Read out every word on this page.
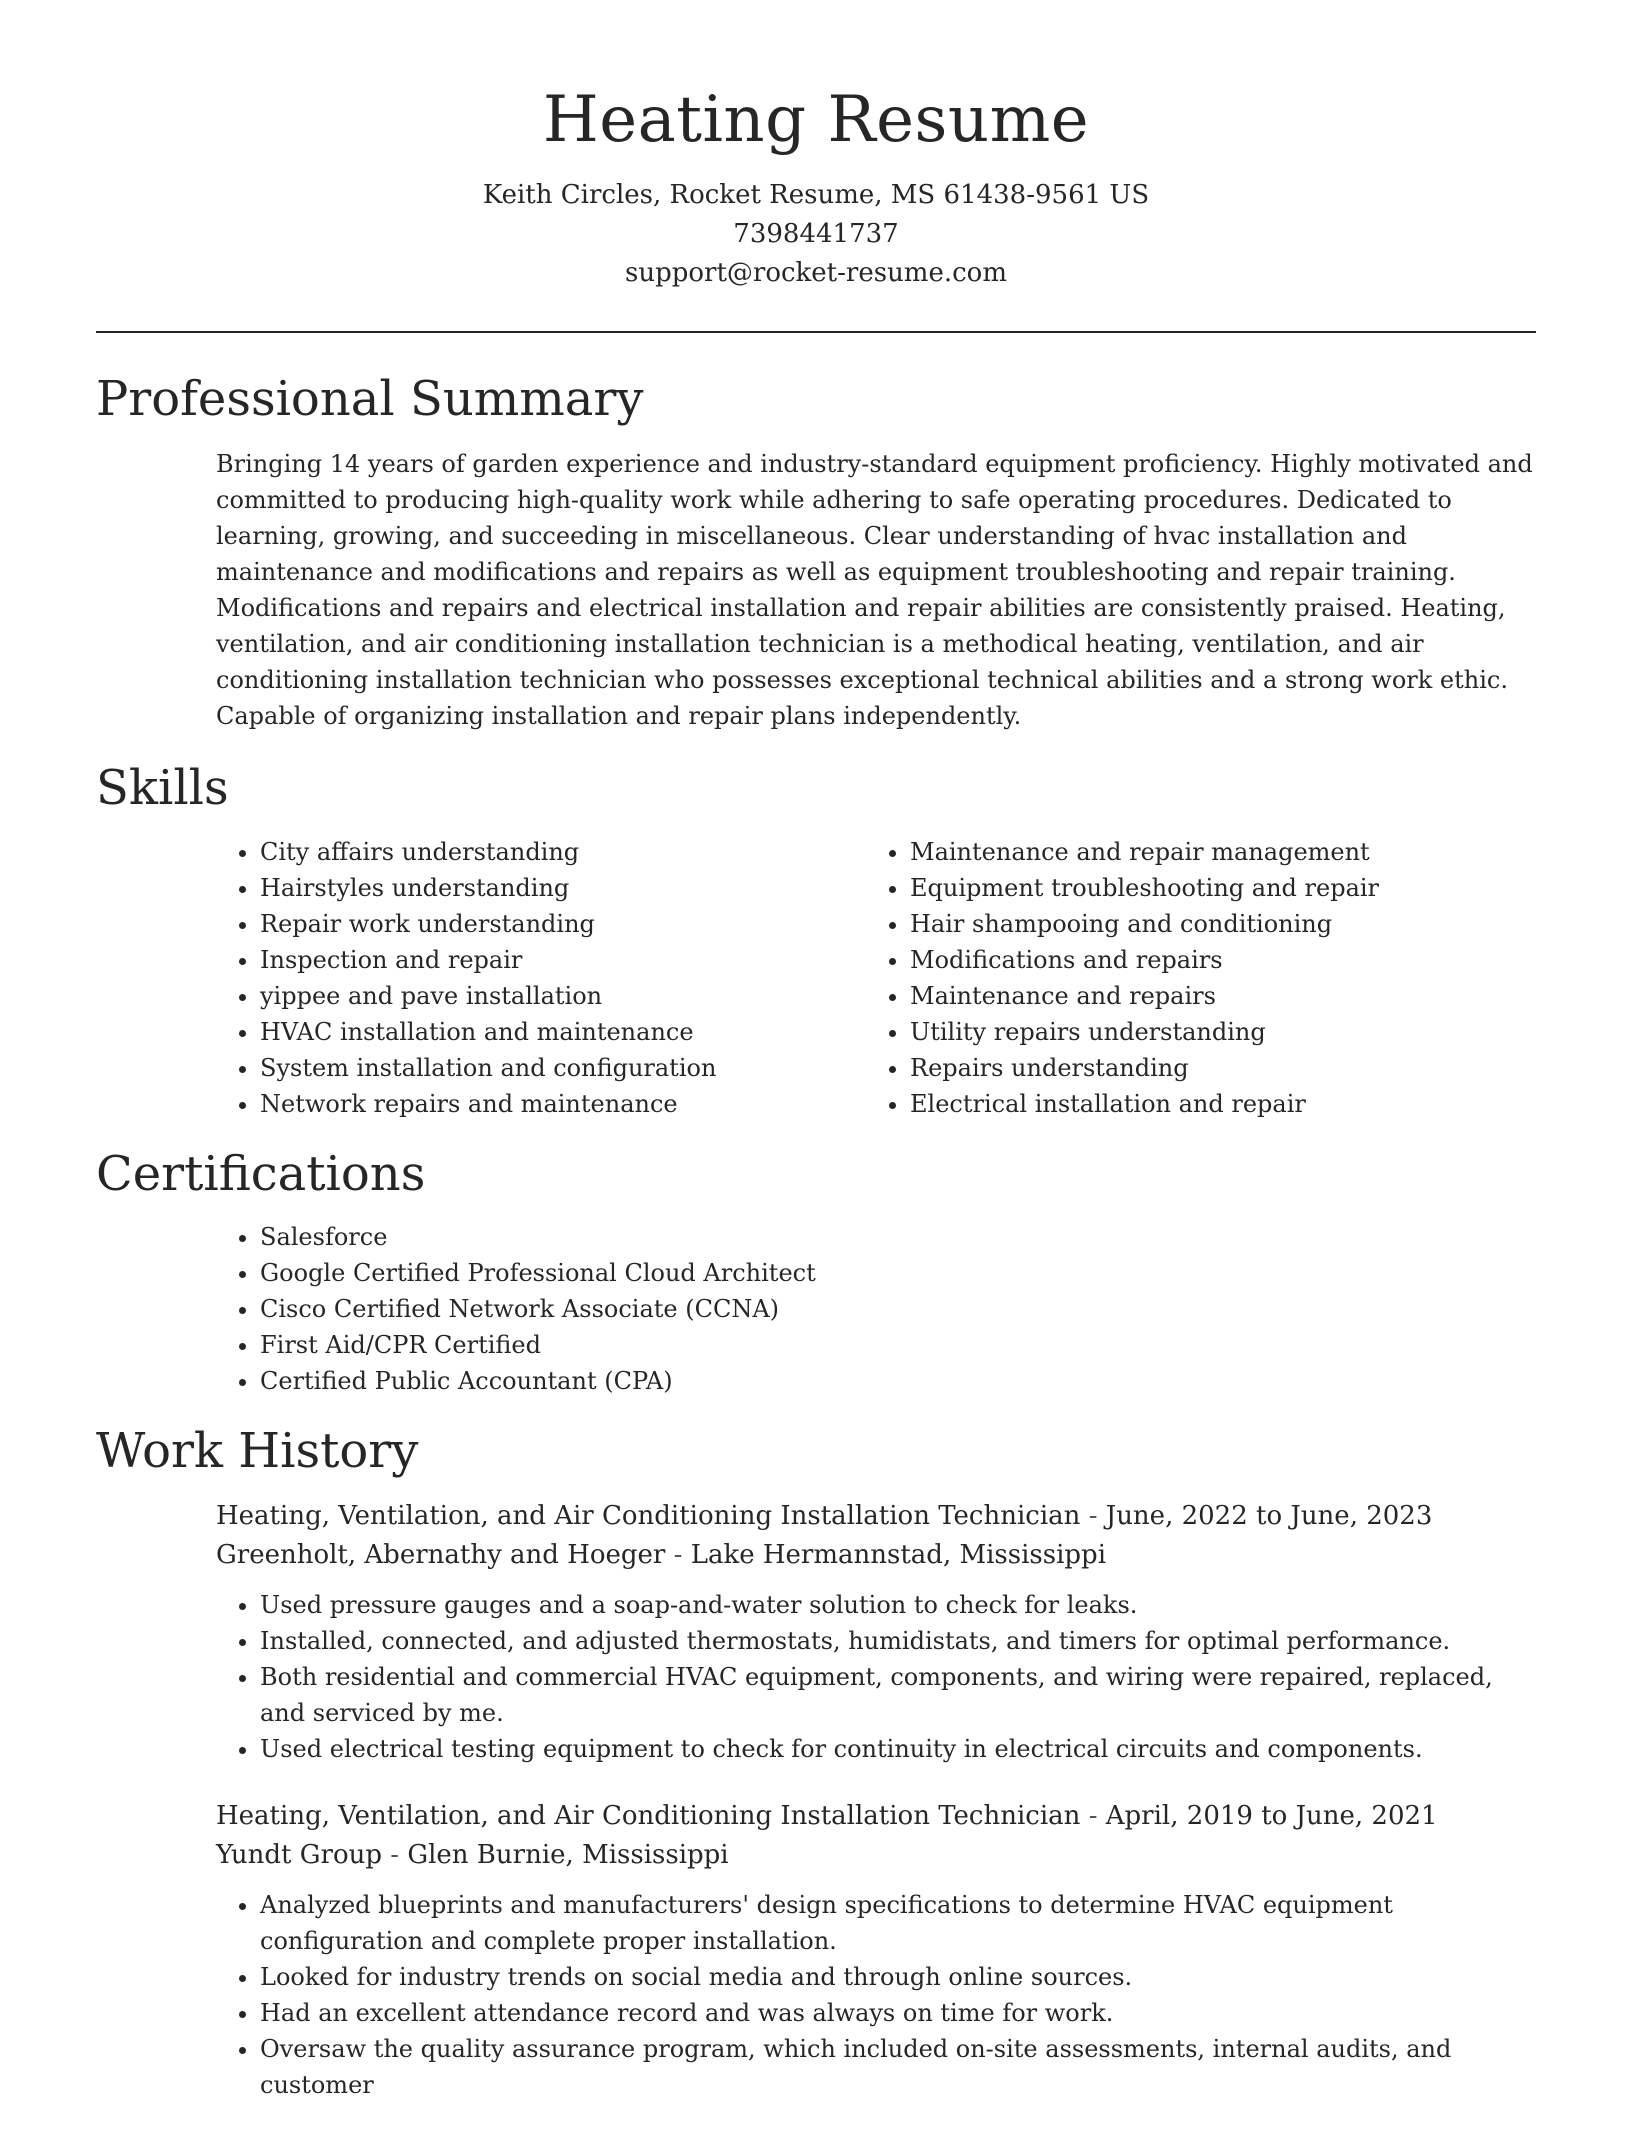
Heating Resume

Keith Circles, Rocket Resume, MS 61438-9561 US

7398441737

support@rocket-resume.com

Professional Summary

Bringing 14 years of garden experience and industry-standard equipment proficiency. Highly motivated and committed to producing high-quality work while adhering to safe operating procedures. Dedicated to learning, growing, and succeeding in miscellaneous. Clear understanding of hvac installation and maintenance and modifications and repairs as well as equipment troubleshooting and repair training. Modifications and repairs and electrical installation and repair abilities are consistently praised. Heating, ventilation, and air conditioning installation technician is a methodical heating, ventilation, and air conditioning installation technician who possesses exceptional technical abilities and a strong work ethic. Capable of organizing installation and repair plans independently.

Skills
• City affairs understanding
• Hairstyles understanding
• Repair work understanding
• Inspection and repair
• yippee and pave installation
• HVAC installation and maintenance
• System installation and configuration
• Network repairs and maintenance
• Maintenance and repair management
• Equipment troubleshooting and repair
• Hair shampooing and conditioning
• Modifications and repairs
• Maintenance and repairs
• Utility repairs understanding
• Repairs understanding
• Electrical installation and repair
Certifications
• Salesforce
• Google Certified Professional Cloud Architect
• Cisco Certified Network Associate (CCNA)
• First Aid/CPR Certified
• Certified Public Accountant (CPA)
Work History

Heating, Ventilation, and Air Conditioning Installation Technician - June, 2022 to June, 2023

Greenholt, Abernathy and Hoeger - Lake Hermannstad, Mississippi

• Used pressure gauges and a soap-and-water solution to check for leaks.
• Installed, connected, and adjusted thermostats, humidistats, and timers for optimal performance.
• Both residential and commercial HVAC equipment, components, and wiring were repaired, replaced, and serviced by me.
• Used electrical testing equipment to check for continuity in electrical circuits and components.

Heating, Ventilation, and Air Conditioning Installation Technician - April, 2019 to June, 2021

Yundt Group - Glen Burnie, Mississippi

• Analyzed blueprints and manufacturers' design specifications to determine HVAC equipment configuration and complete proper installation.
• Looked for industry trends on social media and through online sources.
• Had an excellent attendance record and was always on time for work.
• Oversaw the quality assurance program, which included on-site assessments, internal audits, and customer
